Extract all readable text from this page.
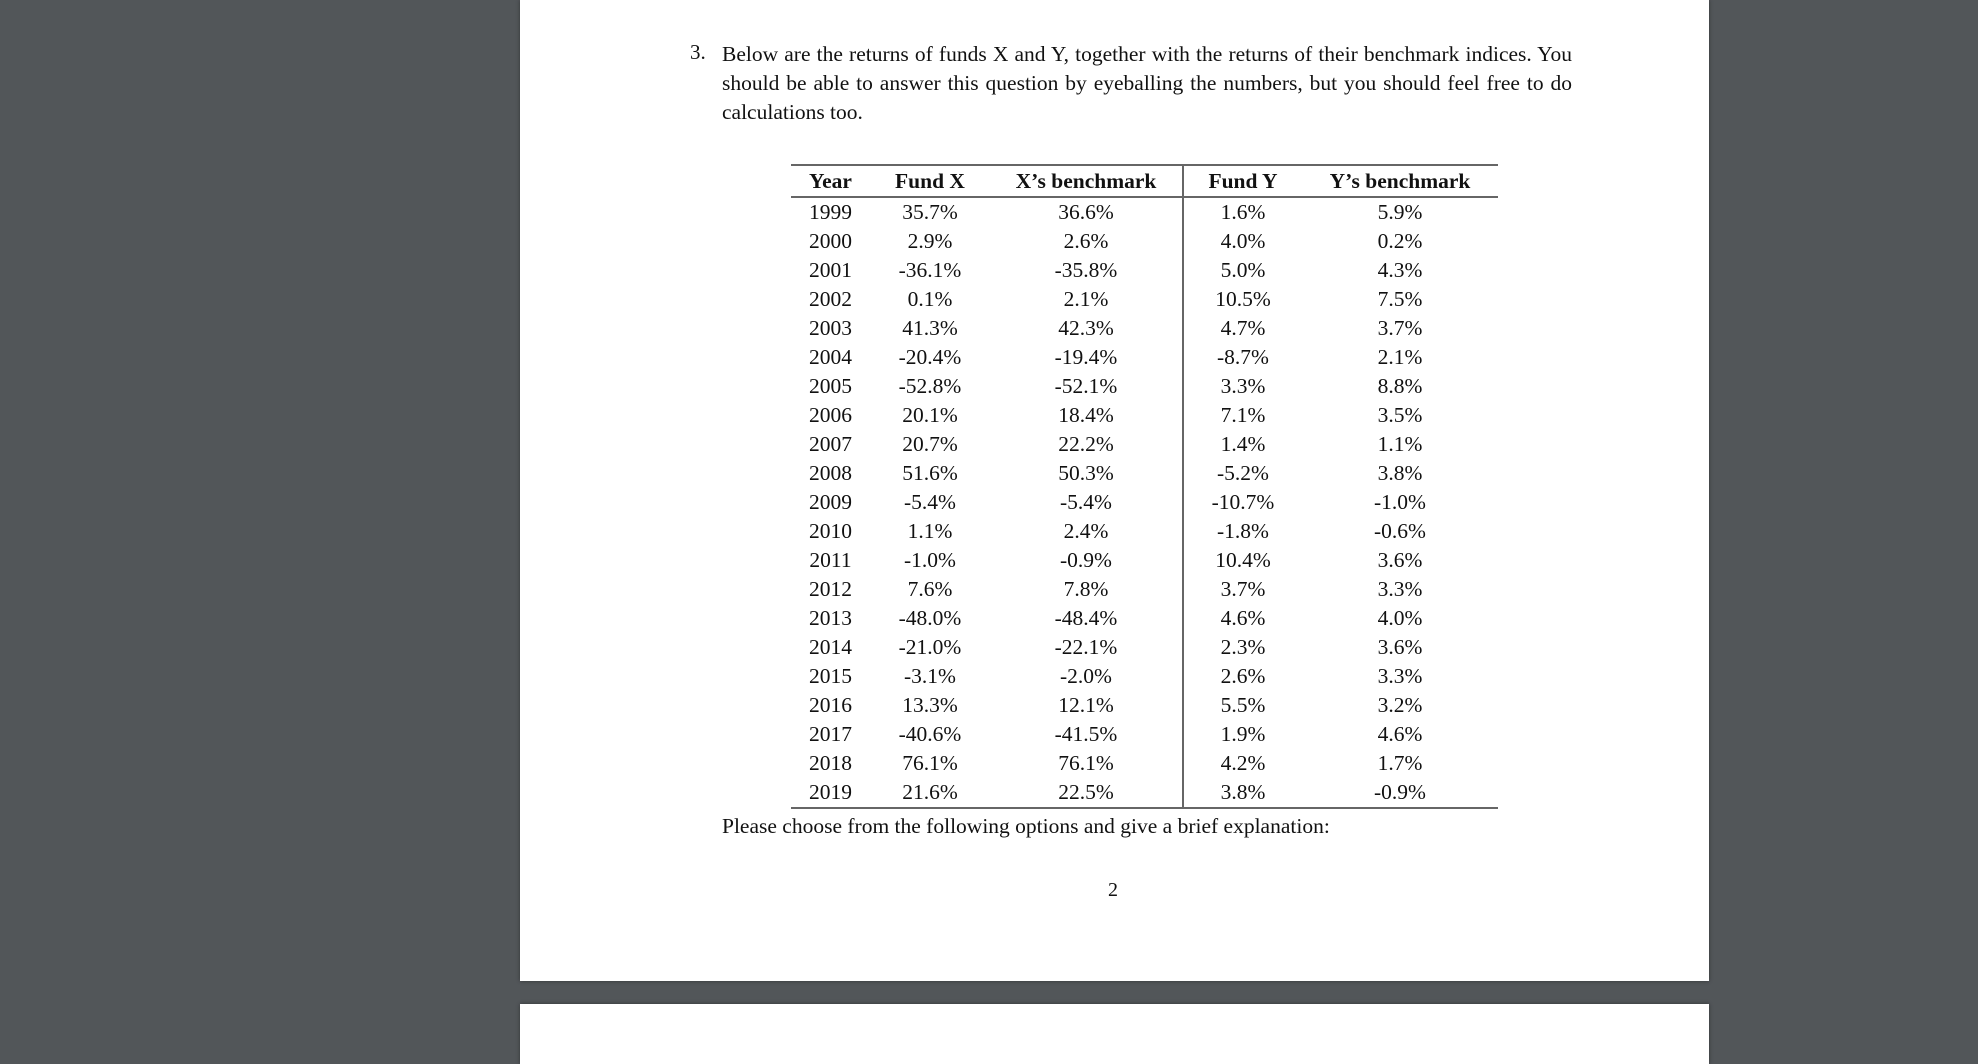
3. Below are the returns of funds X and Y, together with the returns of their benchmark indices. You should be able to answer this question by eyeballing the numbers, but you should feel free to do calculations too.
Year	Fund X	X’s benchmark	Fund Y	Y’s benchmark
1999	35.7%	36.6%	1.6%	5.9%
2000	2.9%	2.6%	4.0%	0.2%
2001	-36.1%	-35.8%	5.0%	4.3%
2002	0.1%	2.1%	10.5%	7.5%
2003	41.3%	42.3%	4.7%	3.7%
2004	-20.4%	-19.4%	-8.7%	2.1%
2005	-52.8%	-52.1%	3.3%	8.8%
2006	20.1%	18.4%	7.1%	3.5%
2007	20.7%	22.2%	1.4%	1.1%
2008	51.6%	50.3%	-5.2%	3.8%
2009	-5.4%	-5.4%	-10.7%	-1.0%
2010	1.1%	2.4%	-1.8%	-0.6%
2011	-1.0%	-0.9%	10.4%	3.6%
2012	7.6%	7.8%	3.7%	3.3%
2013	-48.0%	-48.4%	4.6%	4.0%
2014	-21.0%	-22.1%	2.3%	3.6%
2015	-3.1%	-2.0%	2.6%	3.3%
2016	13.3%	12.1%	5.5%	3.2%
2017	-40.6%	-41.5%	1.9%	4.6%
2018	76.1%	76.1%	4.2%	1.7%
2019	21.6%	22.5%	3.8%	-0.9%
Please choose from the following options and give a brief explanation:
2
